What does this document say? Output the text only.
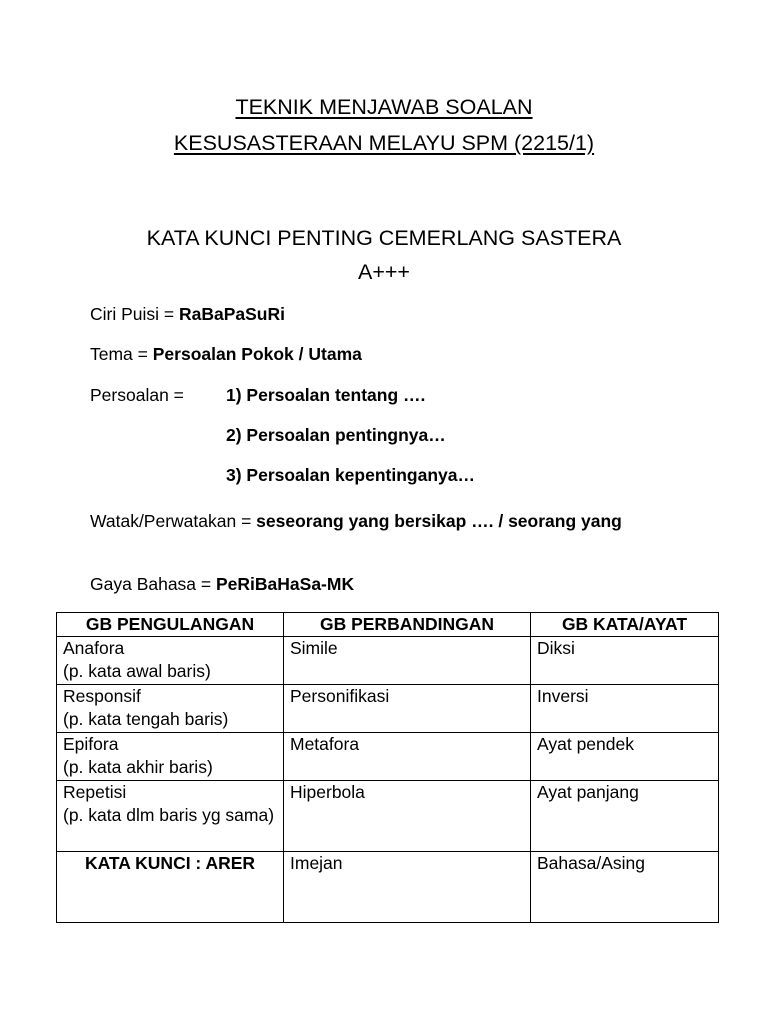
TEKNIK MENJAWAB SOALAN
KESUSASTERAAN MELAYU SPM (2215/1)
KATA KUNCI PENTING CEMERLANG SASTERA
A+++
Ciri Puisi = RaBaPaSuRi
Tema = Persoalan Pokok / Utama
Persoalan = 1) Persoalan tentang ….
2) Persoalan pentingnya…
3) Persoalan kepentinganya…
Watak/Perwatakan = seseorang yang bersikap …. / seorang yang
Gaya Bahasa = PeRiBaHaSa-MK
GB PENGULANGAN	GB PERBANDINGAN	GB KATA/AYAT

Anafora
(p. kata awal baris)	Simile	Diksi

Responsif
(p. kata tengah baris)	Personifikasi	Inversi

Epifora
(p. kata akhir baris)	Metafora	Ayat pendek

Repetisi
(p. kata dlm baris yg sama)	Hiperbola	Ayat panjang
KATA KUNCI : ARER	Imejan	Bahasa/Asing
